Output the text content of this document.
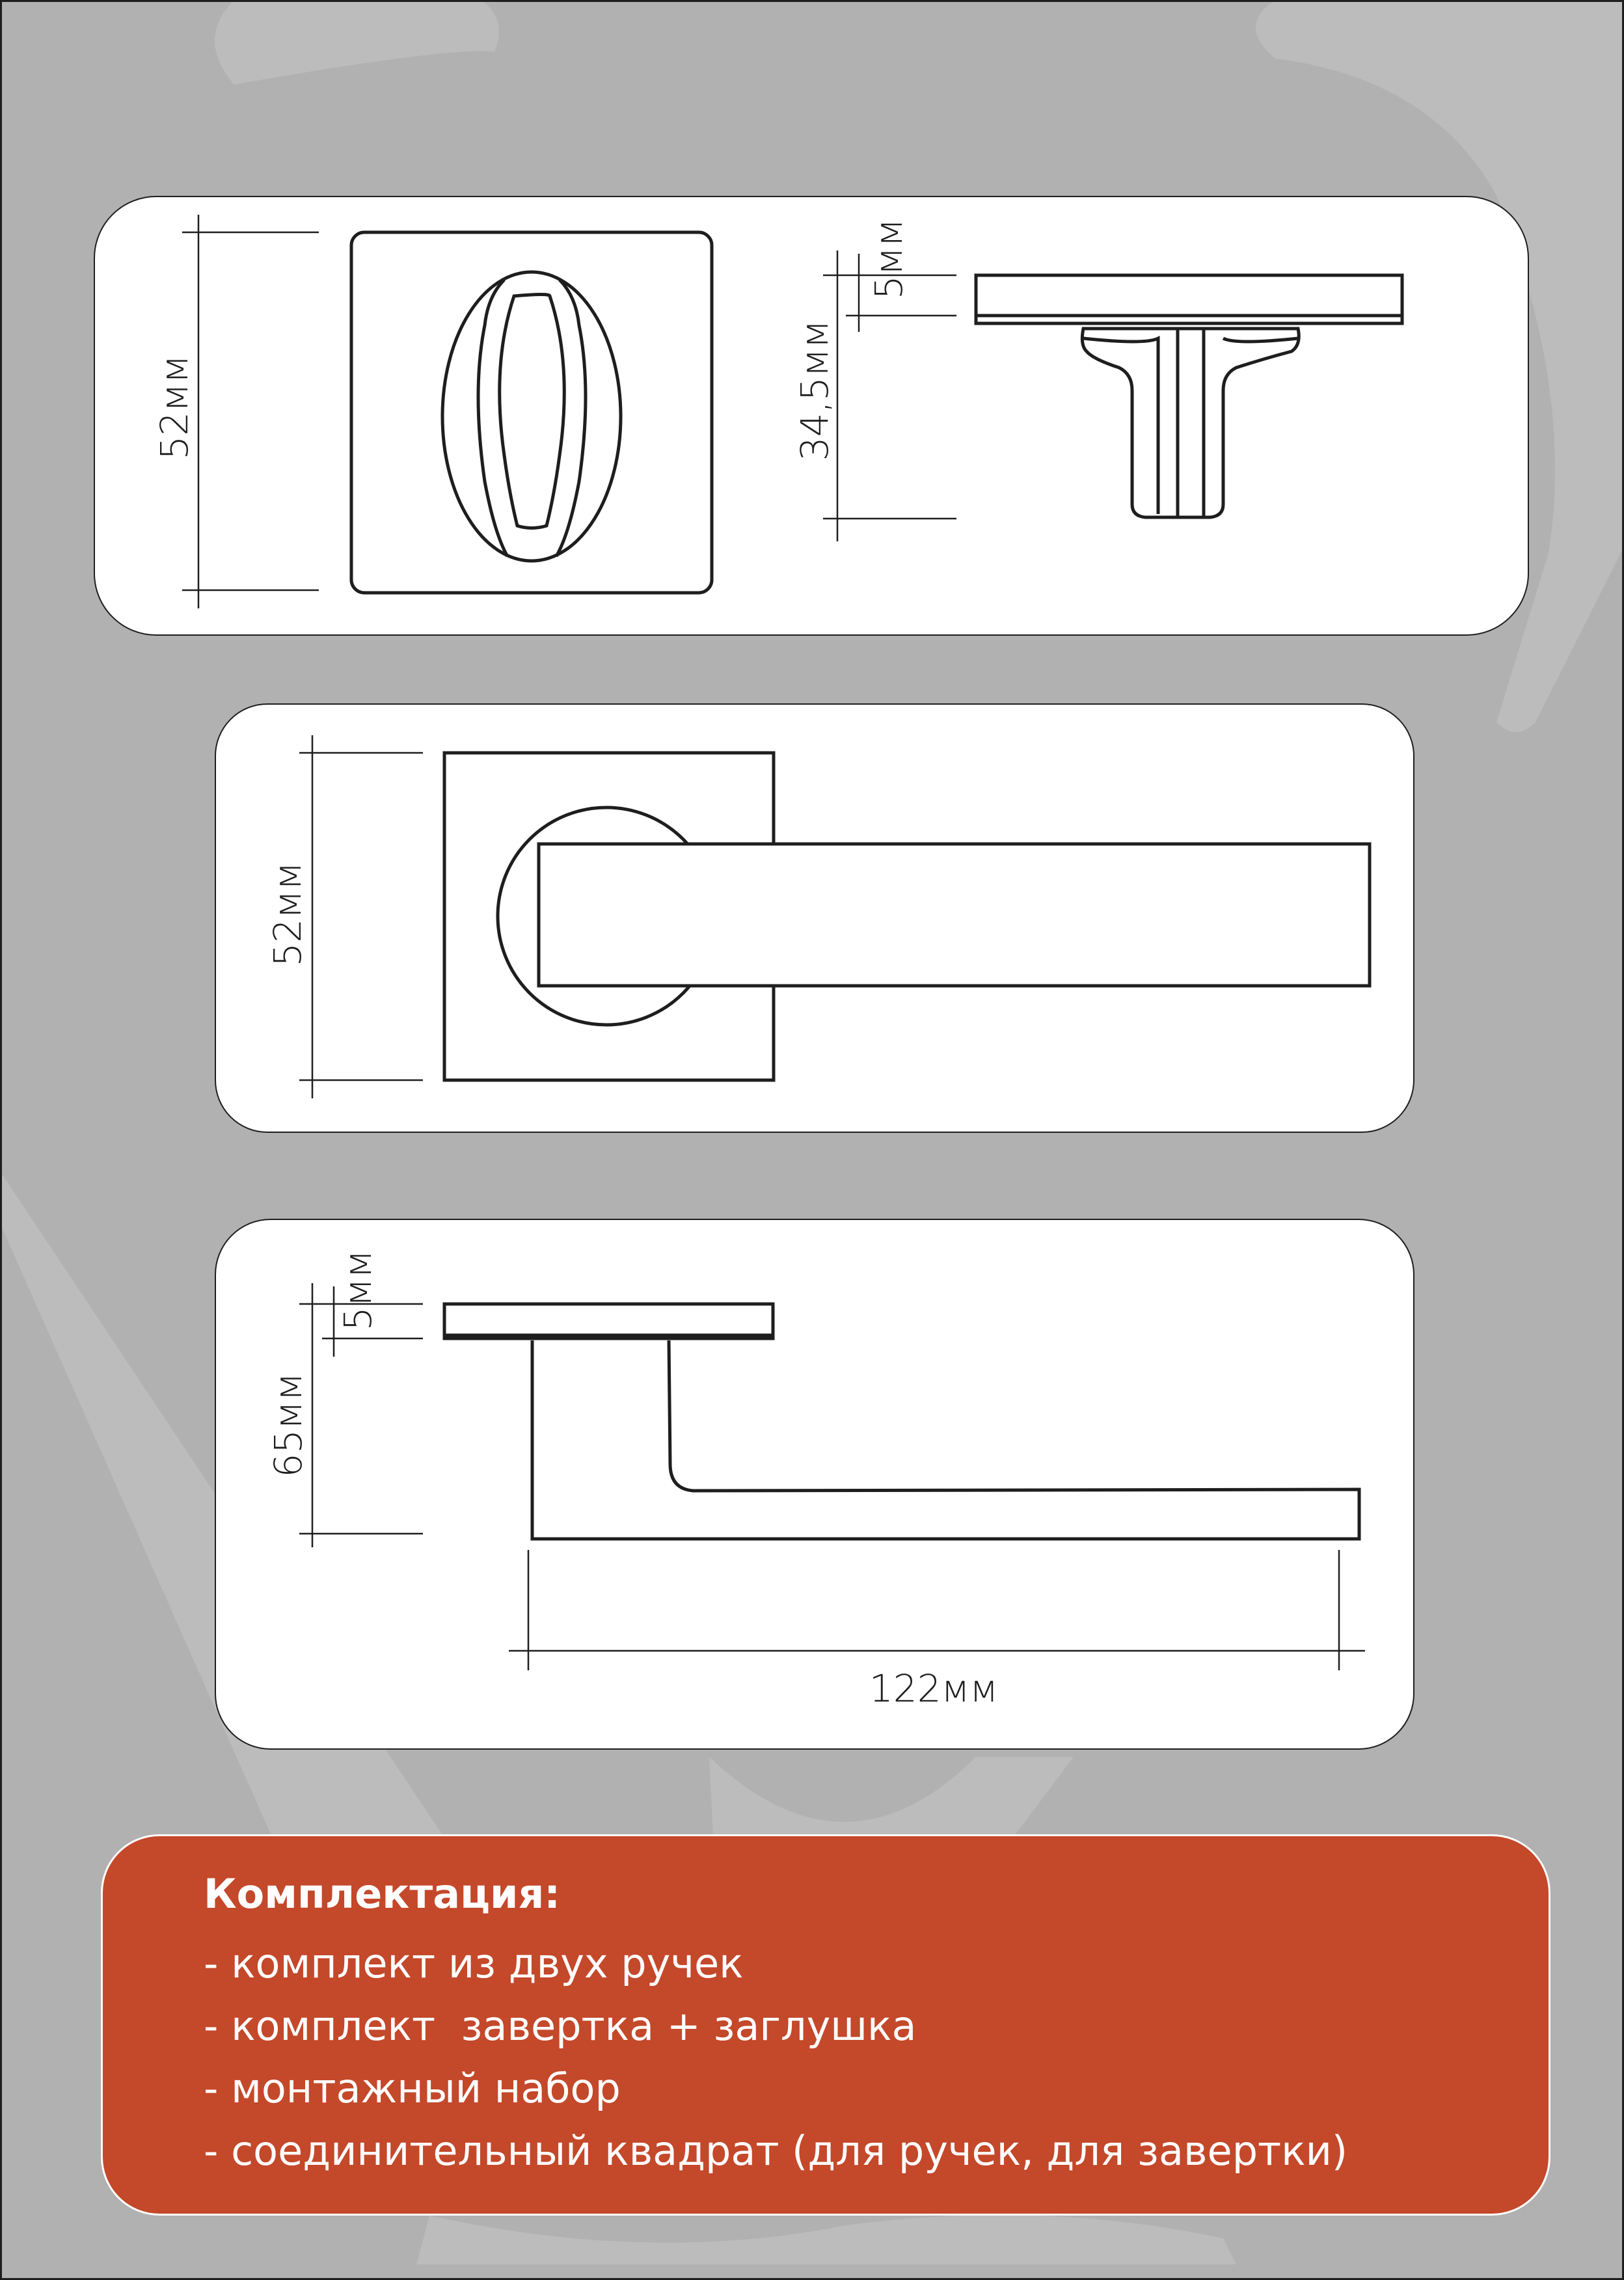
52мм	34,5мм
5мм
52мм
65мм
5мм
122мм
Комплектация:
- комплект из двух ручек
- комплект  завертка + заглушка
- монтажный набор
- соединительный квадрат (для ручек, для завертки)
